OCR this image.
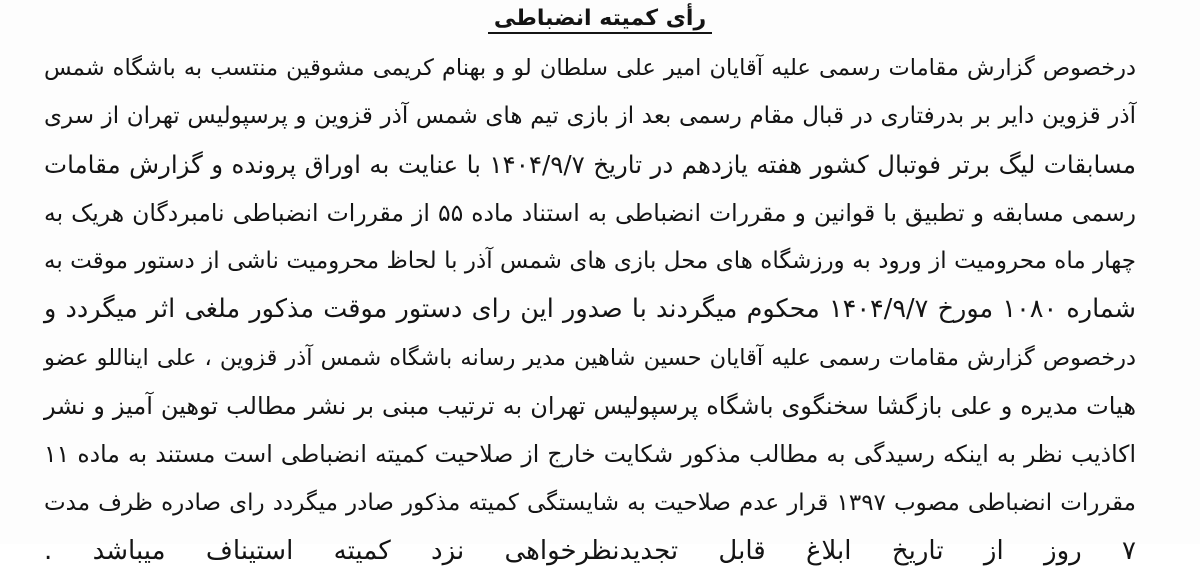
رأی کمیته انضباطی
درخصوص گزارش مقامات رسمی علیه آقایان امیر علی سلطان لو و بهنام کریمی مشوقین منتسب به باشگاه شمس
آذر قزوین دایر بر بدرفتاری در قبال مقام رسمی بعد از بازی تیم های شمس آذر قزوین و پرسپولیس تهران از سری
مسابقات لیگ برتر فوتبال کشور هفته یازدهم در تاریخ ۱۴۰۴/۹/۷ با عنایت به اوراق پرونده و گزارش مقامات
رسمی مسابقه و تطبیق با قوانین و مقررات انضباطی به استناد ماده ۵۵ از مقررات انضباطی نامبردگان هریک به
چهار ماه محرومیت از ورود به ورزشگاه های محل بازی های شمس آذر با لحاظ محرومیت ناشی از دستور موقت به
شماره ۱۰۸۰ مورخ ۱۴۰۴/۹/۷ محکوم میگردند با صدور این رای دستور موقت مذکور ملغی اثر میگردد و
درخصوص گزارش مقامات رسمی علیه آقایان حسین شاهین مدیر رسانه باشگاه شمس آذر قزوین ، علی ایناللو عضو
هیات مدیره و علی بازگشا سخنگوی باشگاه پرسپولیس تهران به ترتیب مبنی بر نشر مطالب توهین آمیز و نشر
اکاذیب نظر به اینکه رسیدگی به مطالب مذکور شکایت خارج از صلاحیت کمیته انضباطی است مستند به ماده ۱۱
مقررات انضباطی مصوب ۱۳۹۷ قرار عدم صلاحیت به شایستگی کمیته مذکور صادر میگردد رای صادره ظرف مدت
۷ روز از تاریخ ابلاغ قابل تجدیدنظرخواهی نزد کمیته استیناف میباشد .
